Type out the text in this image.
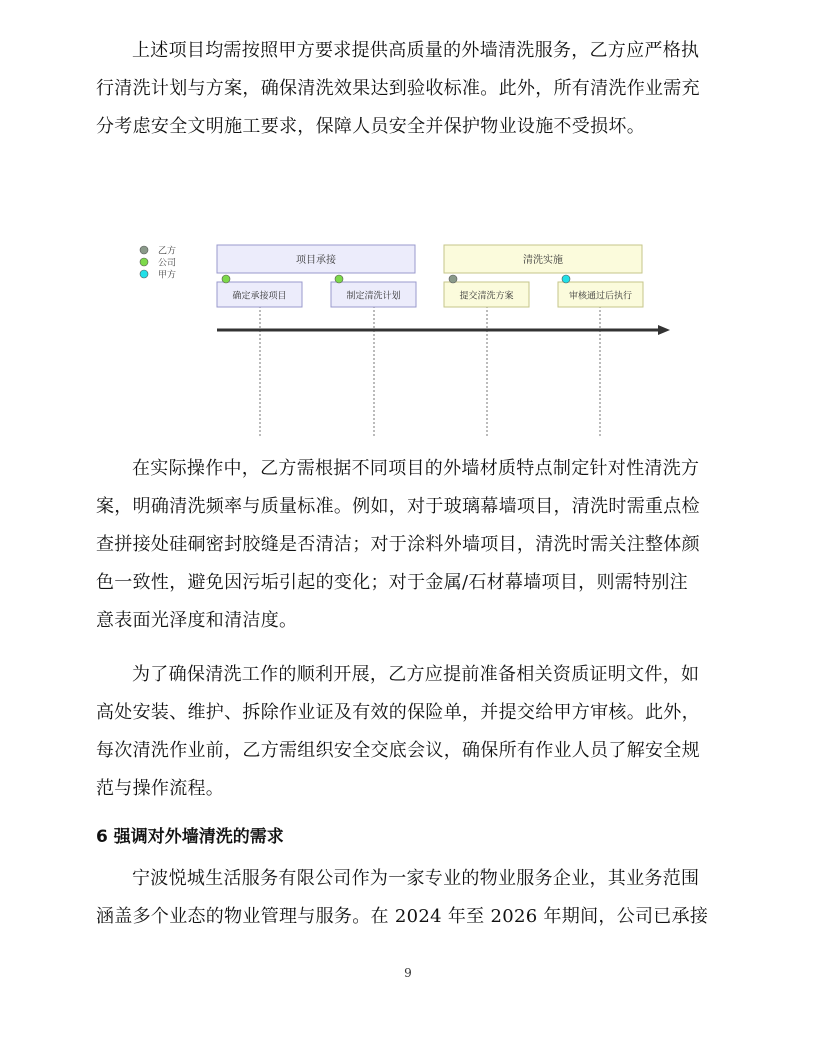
上述项目均需按照甲方要求提供高质量的外墙清洗服务，乙方应严格执
行清洗计划与方案，确保清洗效果达到验收标准。此外，所有清洗作业需充
分考虑安全文明施工要求，保障人员安全并保护物业设施不受损坏。
乙方
公司
甲方
项目承接	清洗实施
确定承接项目	制定清洗计划	提交清洗方案	审核通过后执行
在实际操作中，乙方需根据不同项目的外墙材质特点制定针对性清洗方
案，明确清洗频率与质量标准。例如，对于玻璃幕墙项目，清洗时需重点检
查拼接处硅硐密封胶缝是否清洁；对于涂料外墙项目，清洗时需关注整体颜
色一致性，避免因污垢引起的变化；对于金属/石材幕墙项目，则需特别注
意表面光泽度和清洁度。
为了确保清洗工作的顺利开展，乙方应提前准备相关资质证明文件，如
高处安装、维护、拆除作业证及有效的保险单，并提交给甲方审核。此外，
每次清洗作业前，乙方需组织安全交底会议，确保所有作业人员了解安全规
范与操作流程。
6 强调对外墙清洗的需求
宁波悦城生活服务有限公司作为一家专业的物业服务企业，其业务范围
涵盖多个业态的物业管理与服务。在 2024 年至 2026 年期间，公司已承接
9
